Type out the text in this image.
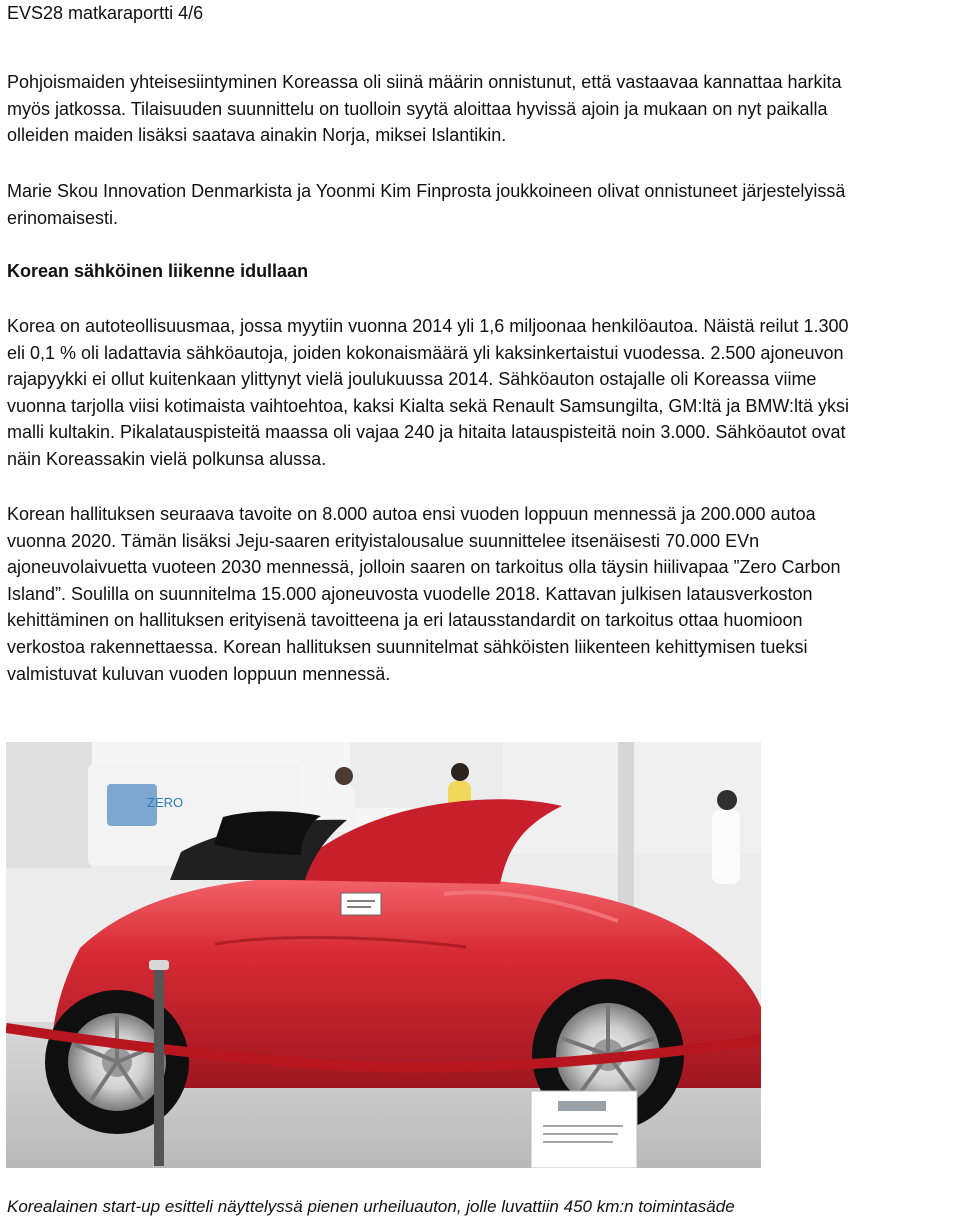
EVS28 matkaraportti 4/6

Pohjoismaiden yhteisesiintyminen Koreassa oli siinä määrin onnistunut, että vastaavaa kannattaa harkita
myös jatkossa. Tilaisuuden suunnittelu on tuolloin syytä aloittaa hyvissä ajoin ja mukaan on nyt paikalla
olleiden maiden lisäksi saatava ainakin Norja, miksei Islantikin.

Marie Skou Innovation Denmarkista ja Yoonmi Kim Finprosta joukkoineen olivat onnistuneet järjestelyissä
erinomaisesti.

Korean sähköinen liikenne idullaan

Korea on autoteollisuusmaa, jossa myytiin vuonna 2014 yli 1,6 miljoonaa henkilöautoa. Näistä reilut 1.300
eli 0,1 % oli ladattavia sähköautoja, joiden kokonaismäärä yli kaksinkertaistui vuodessa. 2.500 ajoneuvon
rajapyykki ei ollut kuitenkaan ylittynyt vielä joulukuussa 2014. Sähköauton ostajalle oli Koreassa viime
vuonna tarjolla viisi kotimaista vaihtoehtoa, kaksi Kialta sekä Renault Samsungilta, GM:ltä ja BMW:ltä yksi
malli kultakin. Pikalatauspisteitä maassa oli vajaa 240 ja hitaita latauspisteitä noin 3.000. Sähköautot ovat
näin Koreassakin vielä polkunsa alussa.

Korean hallituksen seuraava tavoite on 8.000 autoa ensi vuoden loppuun mennessä ja 200.000 autoa
vuonna 2020. Tämän lisäksi Jeju-saaren erityistalousalue suunnittelee itsenäisesti 70.000 EVn
ajoneuvolaivuetta vuoteen 2030 mennessä, jolloin saaren on tarkoitus olla täysin hiilivapaa ”Zero Carbon
Island”. Soulilla on suunnitelma 15.000 ajoneuvosta vuodelle 2018. Kattavan julkisen latausverkoston
kehittäminen on hallituksen erityisenä tavoitteena ja eri latausstandardit on tarkoitus ottaa huomioon
verkostoa rakennettaessa. Korean hallituksen suunnitelmat sähköisten liikenteen kehittymisen tueksi
valmistuvat kuluvan vuoden loppuun mennessä.

ZERO
Korealainen start-up esitteli näyttelyssä pienen urheiluauton, jolle luvattiin 450 km:n toimintasäde
